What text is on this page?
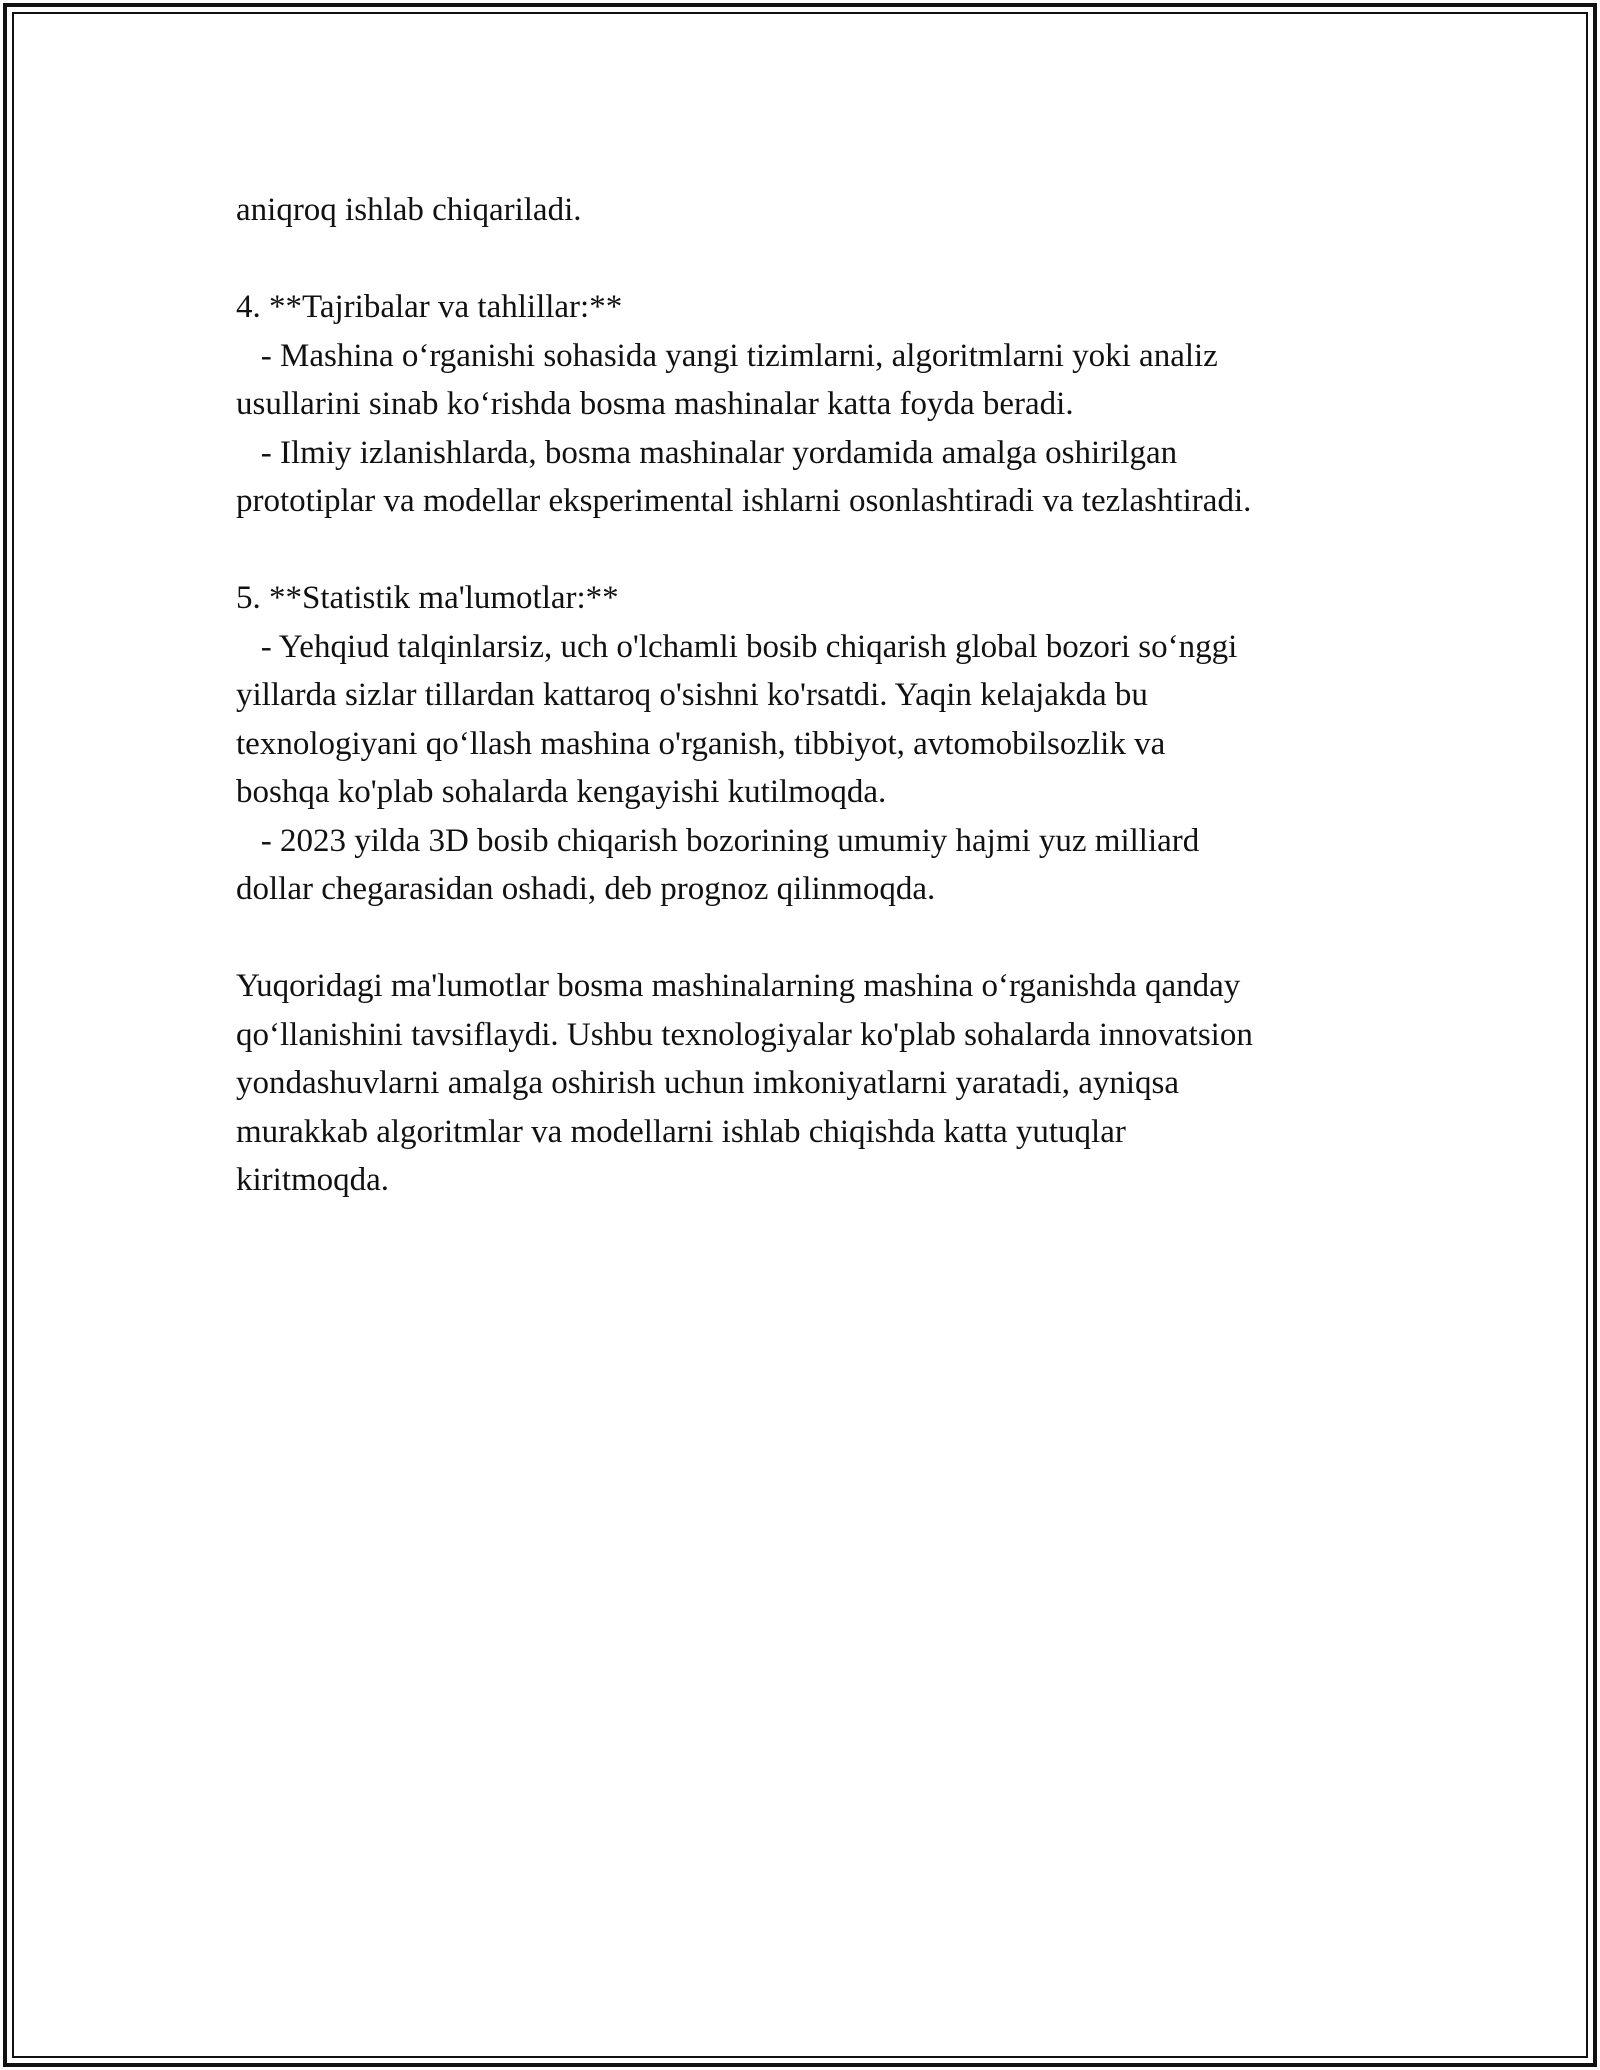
aniqroq ishlab chiqariladi.
4. **Tajribalar va tahlillar:**
- Mashina o‘rganishi sohasida yangi tizimlarni, algoritmlarni yoki analiz
usullarini sinab ko‘rishda bosma mashinalar katta foyda beradi.
- Ilmiy izlanishlarda, bosma mashinalar yordamida amalga oshirilgan
prototiplar va modellar eksperimental ishlarni osonlashtiradi va tezlashtiradi.
5. **Statistik ma'lumotlar:**
- Yehqiud talqinlarsiz, uch o'lchamli bosib chiqarish global bozori so‘nggi
yillarda sizlar tillardan kattaroq o'sishni ko'rsatdi. Yaqin kelajakda bu
texnologiyani qo‘llash mashina o'rganish, tibbiyot, avtomobilsozlik va
boshqa ko'plab sohalarda kengayishi kutilmoqda.
- 2023 yilda 3D bosib chiqarish bozorining umumiy hajmi yuz milliard
dollar chegarasidan oshadi, deb prognoz qilinmoqda.
Yuqoridagi ma'lumotlar bosma mashinalarning mashina o‘rganishda qanday
qo‘llanishini tavsiflaydi. Ushbu texnologiyalar ko'plab sohalarda innovatsion
yondashuvlarni amalga oshirish uchun imkoniyatlarni yaratadi, ayniqsa
murakkab algoritmlar va modellarni ishlab chiqishda katta yutuqlar
kiritmoqda.
